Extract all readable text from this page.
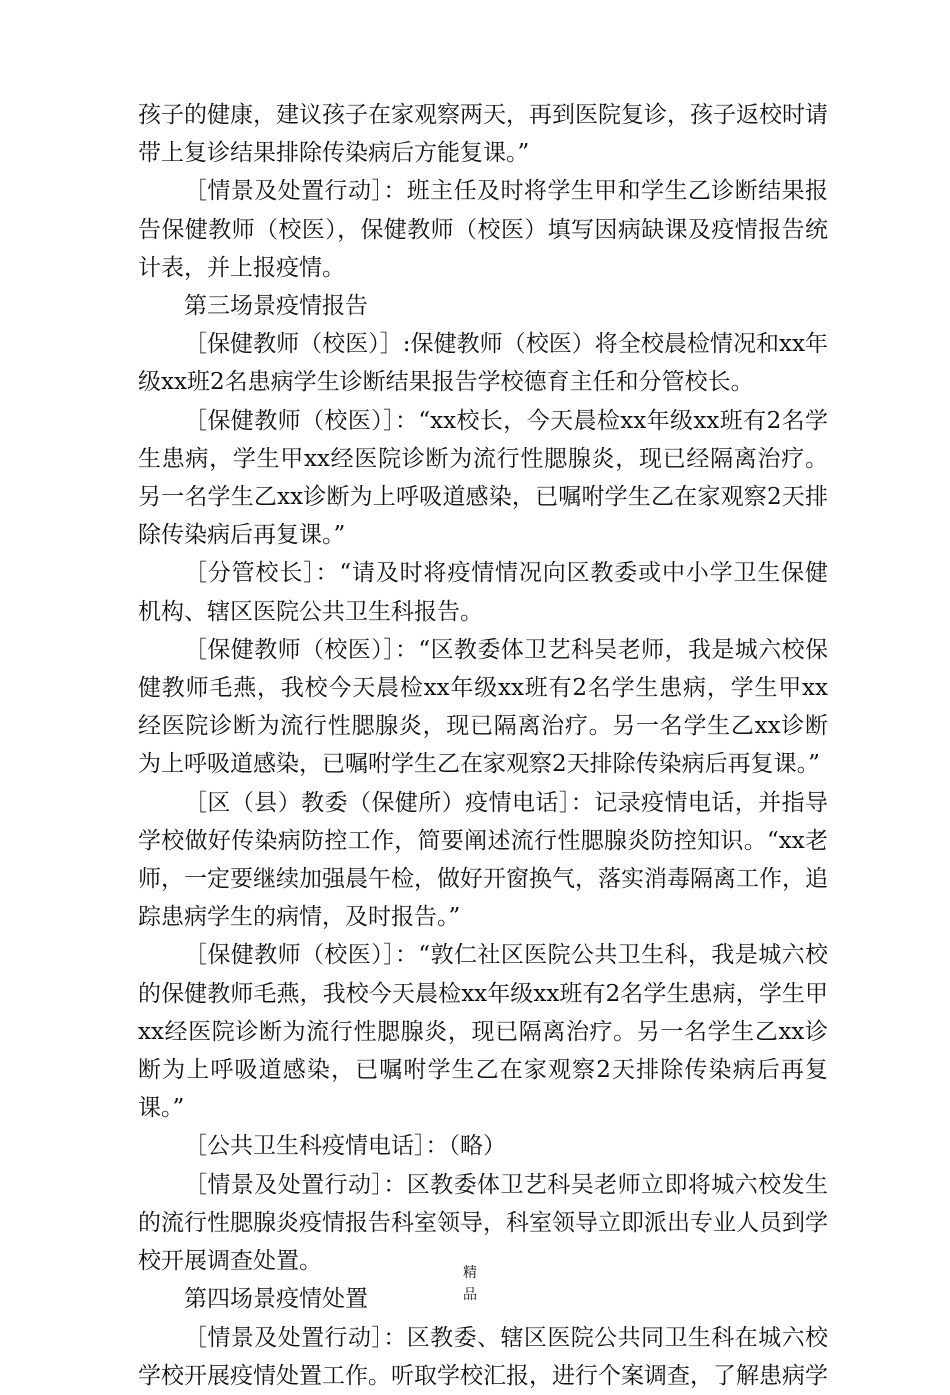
孩子的健康，建议孩子在家观察两天，再到医院复诊，孩子返校时请带上复诊结果排除传染病后方能复课。”

［情景及处置行动］：班主任及时将学生甲和学生乙诊断结果报告保健教师（校医），保健教师（校医）填写因病缺课及疫情报告统计表，并上报疫情。

第三场景疫情报告

［保健教师（校医）］:保健教师（校医）将全校晨检情况和xx年级xx班2名患病学生诊断结果报告学校德育主任和分管校长。

［保健教师（校医）］：“xx校长，今天晨检xx年级xx班有2名学生患病，学生甲xx经医院诊断为流行性腮腺炎，现已经隔离治疗。另一名学生乙xx诊断为上呼吸道感染，已嘱咐学生乙在家观察2天排除传染病后再复课。”

［分管校长］：“请及时将疫情情况向区教委或中小学卫生保健机构、辖区医院公共卫生科报告。

［保健教师（校医）］：“区教委体卫艺科吴老师，我是城六校保健教师毛燕，我校今天晨检xx年级xx班有2名学生患病，学生甲xx经医院诊断为流行性腮腺炎，现已隔离治疗。另一名学生乙xx诊断为上呼吸道感染，已嘱咐学生乙在家观察2天排除传染病后再复课。”

［区（县）教委（保健所）疫情电话］：记录疫情电话，并指导学校做好传染病防控工作，简要阐述流行性腮腺炎防控知识。“xx老师，一定要继续加强晨午检，做好开窗换气，落实消毒隔离工作，追踪患病学生的病情，及时报告。”

［保健教师（校医）］：“敦仁社区医院公共卫生科，我是城六校的保健教师毛燕，我校今天晨检xx年级xx班有2名学生患病，学生甲xx经医院诊断为流行性腮腺炎，现已隔离治疗。另一名学生乙xx诊断为上呼吸道感染，已嘱咐学生乙在家观察2天排除传染病后再复课。”

［公共卫生科疫情电话］：（略）

［情景及处置行动］：区教委体卫艺科吴老师立即将城六校发生的流行性腮腺炎疫情报告科室领导，科室领导立即派出专业人员到学校开展调查处置。

第四场景疫情处置

［情景及处置行动］：区教委、辖区医院公共同卫生科在城六校学校开展疫情处置工作。听取学校汇报，进行个案调查，了解患病学

精品
